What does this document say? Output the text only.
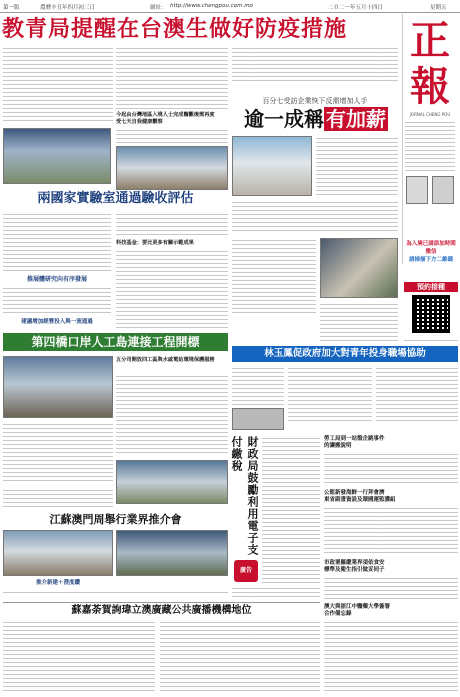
第一版	農曆辛丑年四月初三日	網址： http://www.chengpou.com.mo	二０二一年五月十四日	星期五
教青局提醒在台澳生做好防疫措施	正報
JORNAL CHENG POU
為入境已請添加時間微信
請掃描下方二維碼
預約接種
今起由台灣地區入境人士完成醫觀後需再度
受七天自我健康觀察
百分七受訪企業恢下反需增加人手
逾一成稱 有加薪
兩國家實驗室通過驗收評估
科技基金：要比更多有關示範成果
推展體研究向有序發展
建議增加經營投入與一流通過
第四橋口岸人工島連接工程開標
五分司開放四工區與水戚電站環境保護服務
林玉鳳促政府加大對青年投身職場協助
江蘇澳門周舉行業界推介會
推介新建＋澄度鑽
財政局鼓勵利用電子支付繳稅
廣告
勞工局到一站盤企跳事件
的讓搬說明
公監新發海鮮一行拜會濟
東省副書資設及環國運監護組
市政署羅嚴業界須依食安
標準及衛生指引做妥同子
蘇嘉荼賀詢瑋立澳廣藏公共廣播機構地位	澳大與浙江中醫藥大學簽署
合作備忘錄
